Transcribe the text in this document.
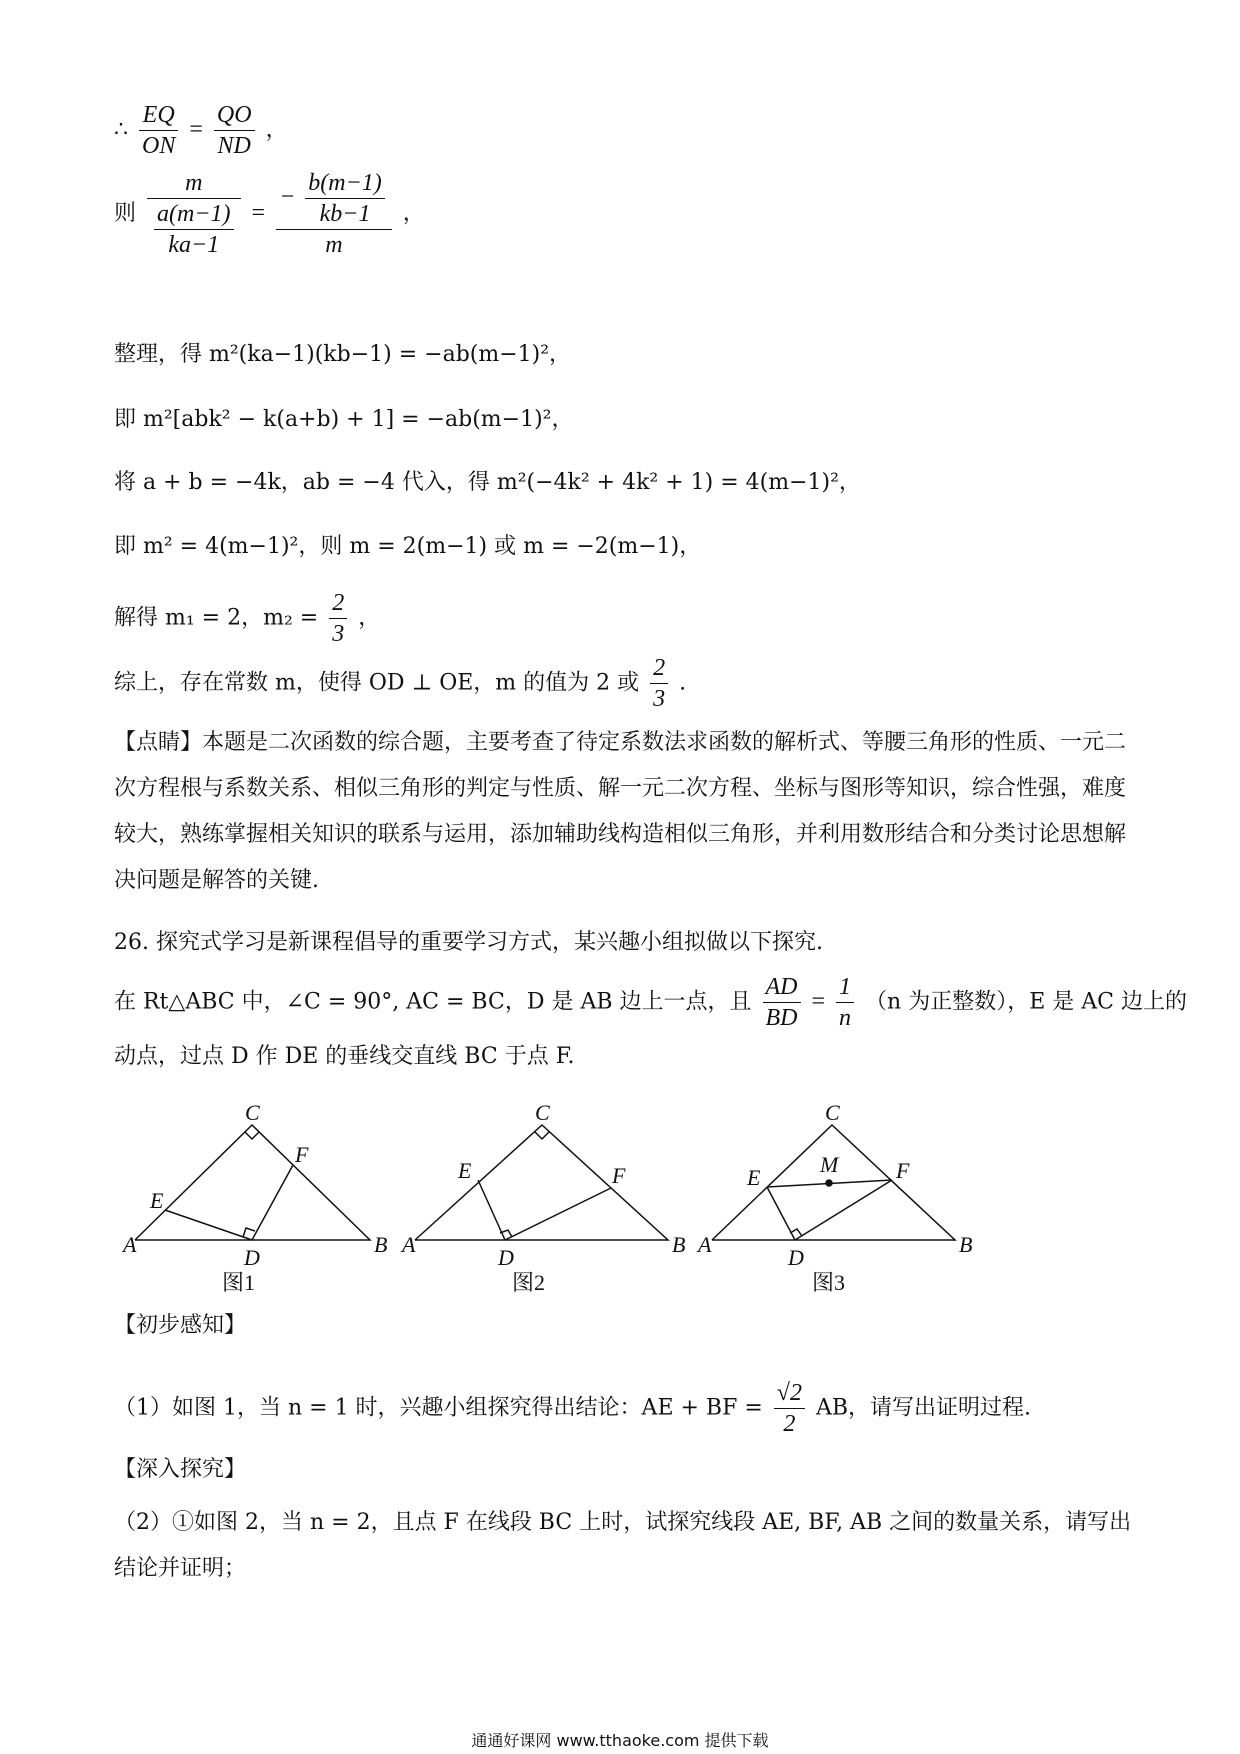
∴ $\frac{EQ}{ON} = \frac{QO}{ND}$ ，
则 $\frac{m}{\frac{a(m-1)}{ka-1}} = \frac{- \frac{b(m-1)}{kb-1}}{m}$ ，
整理，得 m²(ka−1)(kb−1) = −ab(m−1)²，
即 m²[abk² − k(a+b) + 1] = −ab(m−1)²，
将 a + b = −4k，ab = −4 代入，得 m²(−4k² + 4k² + 1) = 4(m−1)²，
即 m² = 4(m−1)²，则 m = 2(m−1) 或 m = −2(m−1)，
解得 m₁ = 2，$m_2 = \frac{2}{3}$ ，
综上，存在常数 m，使得 OD ⊥ OE，m 的值为 2 或 $\frac{2}{3}$ .
【点睛】本题是二次函数的综合题，主要考查了待定系数法求函数的解析式、等腰三角形的性质、一元二次方程根与系数关系、相似三角形的判定与性质、解一元二次方程、坐标与图形等知识，综合性强，难度较大，熟练掌握相关知识的联系与运用，添加辅助线构造相似三角形，并利用数形结合和分类讨论思想解决问题是解答的关键.
26. 探究式学习是新课程倡导的重要学习方式，某兴趣小组拟做以下探究.
在 Rt△ABC 中，∠C = 90°, AC = BC，D 是 AB 边上一点，且 $\frac{AD}{BD} = \frac{1}{n} (n$ 为正整数），E 是 AC 边上的
动点，过点 D 作 DE 的垂线交直线 BC 于点 F.
A	B
C
D
E
F
图1
A	B
C
D
E	F
图2
A	B
C
D
E	F
M
图3
【初步感知】
（1）如图 1，当 n = 1 时，兴趣小组探究得出结论：AE + BF = $\frac{√2}{2}$ AB，请写出证明过程.
【深入探究】
（2）①如图 2，当 n = 2，且点 F 在线段 BC 上时，试探究线段 AE, BF, AB 之间的数量关系，请写出结论并证明；
通通好课网 www.tthaoke.com 提供下载
